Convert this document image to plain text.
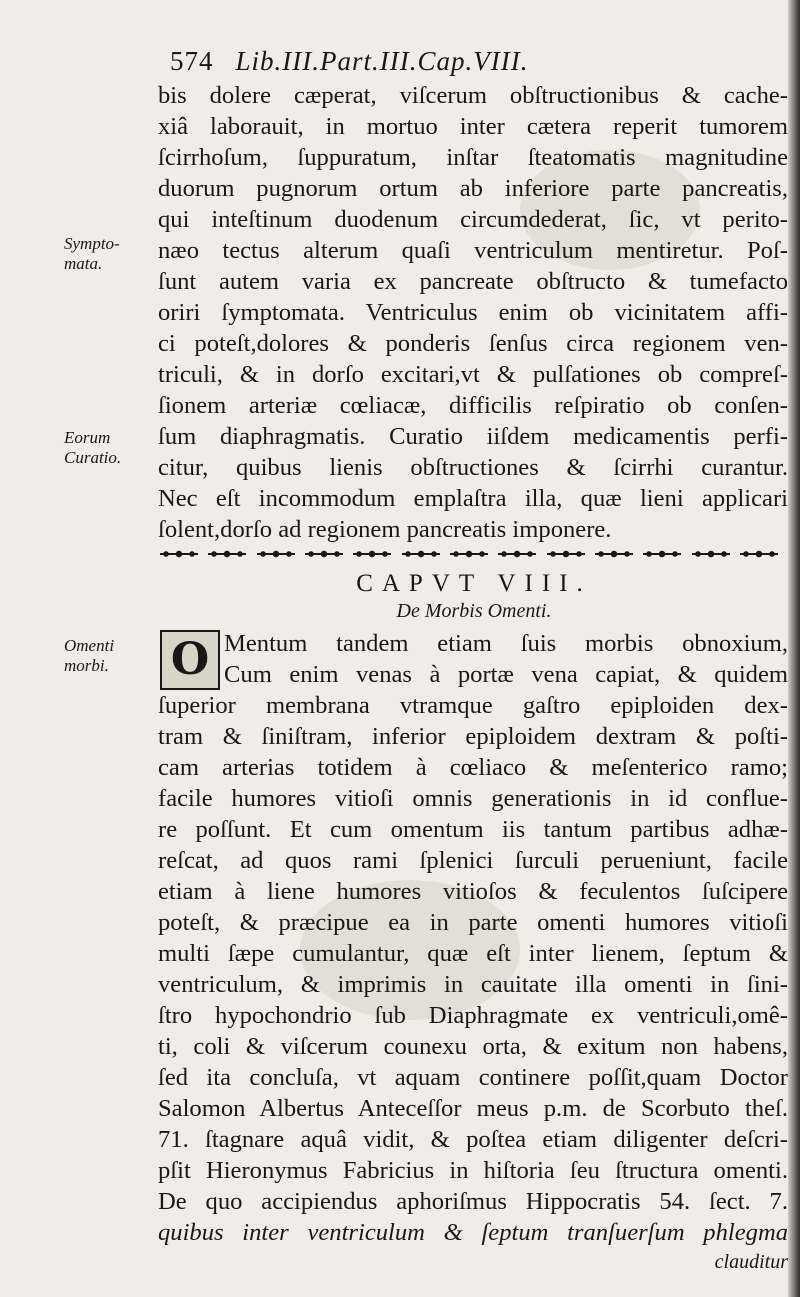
574 Lib.III.Part.III.Cap.VIII.
Sympto-
mata.
Eorum
Curatio.
Omenti
morbi.
bis dolere cæperat, viſcerum obſtructionibus & cache-
xiâ laborauit, in mortuo inter cætera reperit tumorem
ſcirrhoſum, ſuppuratum, inſtar ſteatomatis magnitudine
duorum pugnorum ortum ab inferiore parte pancreatis,
qui inteſtinum duodenum circumdederat, ſic, vt perito-
næo tectus alterum quaſi ventriculum mentiretur. Poſ-
ſunt autem varia ex pancreate obſtructo & tumefacto
oriri ſymptomata. Ventriculus enim ob vicinitatem affi-
ci poteſt,dolores & ponderis ſenſus circa regionem ven-
triculi, & in dorſo excitari,vt & pulſationes ob compreſ-
ſionem arteriæ cœliacæ, difficilis reſpiratio ob conſen-
ſum diaphragmatis. Curatio iiſdem medicamentis perfi-
citur, quibus lienis obſtructiones & ſcirrhi curantur.
Nec eſt incommodum emplaſtra illa, quæ lieni applicari
ſolent,dorſo ad regionem pancreatis imponere.
CAPVT VIII.
De Morbis Omenti.
O Mentum tandem etiam ſuis morbis obnoxium,
Cum enim venas à portæ vena capiat, & quidem
ſuperior membrana vtramque gaſtro epiploiden dex-
tram & ſiniſtram, inferior epiploidem dextram & poſti-
cam arterias totidem à cœliaco & meſenterico ramo;
facile humores vitioſi omnis generationis in id conflue-
re poſſunt. Et cum omentum iis tantum partibus adhæ-
reſcat, ad quos rami ſplenici ſurculi perueniunt, facile
etiam à liene humores vitioſos & feculentos ſuſcipere
poteſt, & præcipue ea in parte omenti humores vitioſi
multi ſæpe cumulantur, quæ eſt inter lienem, ſeptum &
ventriculum, & imprimis in cauitate illa omenti in ſini-
ſtro hypochondrio ſub Diaphragmate ex ventriculi,omê-
ti, coli & viſcerum counexu orta, & exitum non habens,
ſed ita concluſa, vt aquam continere poſſit,quam Doctor
Salomon Albertus Anteceſſor meus p.m. de Scorbuto theſ.
71. ſtagnare aquâ vidit, & poſtea etiam diligenter deſcri-
pſit Hieronymus Fabricius in hiſtoria ſeu ſtructura omenti.
De quo accipiendus aphoriſmus Hippocratis 54. ſect. 7.
quibus inter ventriculum & ſeptum tranſuerſum phlegma
clauditur
